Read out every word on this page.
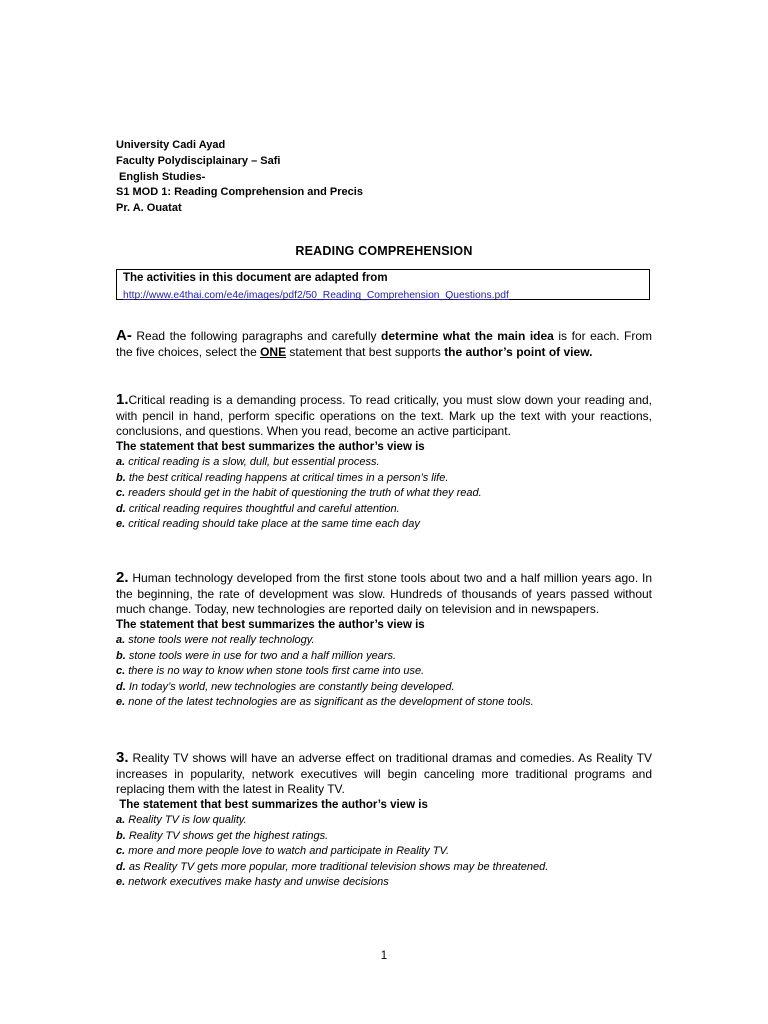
University Cadi Ayad
Faculty Polydisciplainary – Safi
English Studies-
S1 MOD 1: Reading Comprehension and Precis
Pr. A. Ouatat
READING COMPREHENSION
The activities in this document are adapted from
http://www.e4thai.com/e4e/images/pdf2/50_Reading_Comprehension_Questions.pdf
A- Read the following paragraphs and carefully determine what the main idea is for each. From the five choices, select the ONE statement that best supports the author’s point of view.
1.Critical reading is a demanding process. To read critically, you must slow down your reading and, with pencil in hand, perform specific operations on the text. Mark up the text with your reactions, conclusions, and questions. When you read, become an active participant.
The statement that best summarizes the author’s view is
a. critical reading is a slow, dull, but essential process.
b. the best critical reading happens at critical times in a person’s life.
c. readers should get in the habit of questioning the truth of what they read.
d. critical reading requires thoughtful and careful attention.
e. critical reading should take place at the same time each day
2. Human technology developed from the first stone tools about two and a half million years ago. In the beginning, the rate of development was slow. Hundreds of thousands of years passed without much change. Today, new technologies are reported daily on television and in newspapers.
The statement that best summarizes the author’s view is
a. stone tools were not really technology.
b. stone tools were in use for two and a half million years.
c. there is no way to know when stone tools first came into use.
d. In today’s world, new technologies are constantly being developed.
e. none of the latest technologies are as significant as the development of stone tools.
3. Reality TV shows will have an adverse effect on traditional dramas and comedies. As Reality TV increases in popularity, network executives will begin canceling more traditional programs and replacing them with the latest in Reality TV.
The statement that best summarizes the author’s view is
a. Reality TV is low quality.
b. Reality TV shows get the highest ratings.
c. more and more people love to watch and participate in Reality TV.
d. as Reality TV gets more popular, more traditional television shows may be threatened.
e. network executives make hasty and unwise decisions
1
